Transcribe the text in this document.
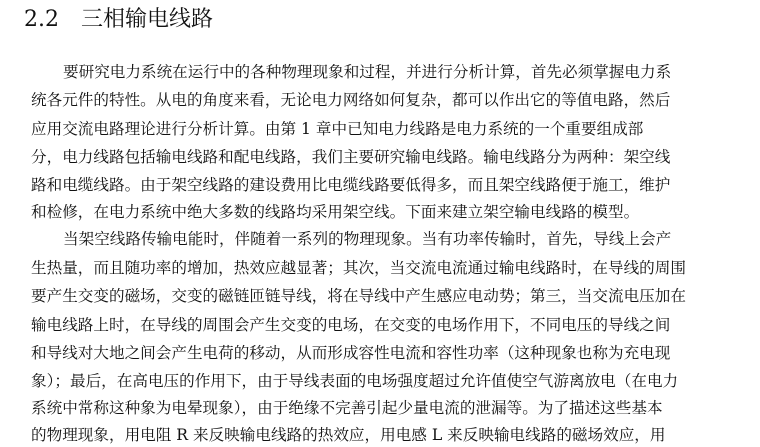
2.2 三相输电线路
要研究电力系统在运行中的各种物理现象和过程，并进行分析计算，首先必须掌握电力系
统各元件的特性。从电的角度来看，无论电力网络如何复杂，都可以作出它的等值电路，然后
应用交流电路理论进行分析计算。由第 1 章中已知电力线路是电力系统的一个重要组成部
分，电力线路包括输电线路和配电线路，我们主要研究输电线路。输电线路分为两种：架空线
路和电缆线路。由于架空线路的建设费用比电缆线路要低得多，而且架空线路便于施工，维护
和检修，在电力系统中绝大多数的线路均采用架空线。下面来建立架空输电线路的模型。
当架空线路传输电能时，伴随着一系列的物理现象。当有功率传输时，首先，导线上会产
生热量，而且随功率的增加，热效应越显著；其次，当交流电流通过输电线路时，在导线的周围
要产生交变的磁场，交变的磁链匝链导线，将在导线中产生感应电动势；第三，当交流电压加在
输电线路上时，在导线的周围会产生交变的电场，在交变的电场作用下，不同电压的导线之间
和导线对大地之间会产生电荷的移动，从而形成容性电流和容性功率（这种现象也称为充电现
象）；最后，在高电压的作用下，由于导线表面的电场强度超过允许值使空气游离放电（在电力
系统中常称这种象为电晕现象），由于绝缘不完善引起少量电流的泄漏等。为了描述这些基本
的物理现象，用电阻 R 来反映输电线路的热效应，用电感 L 来反映输电线路的磁场效应，用
